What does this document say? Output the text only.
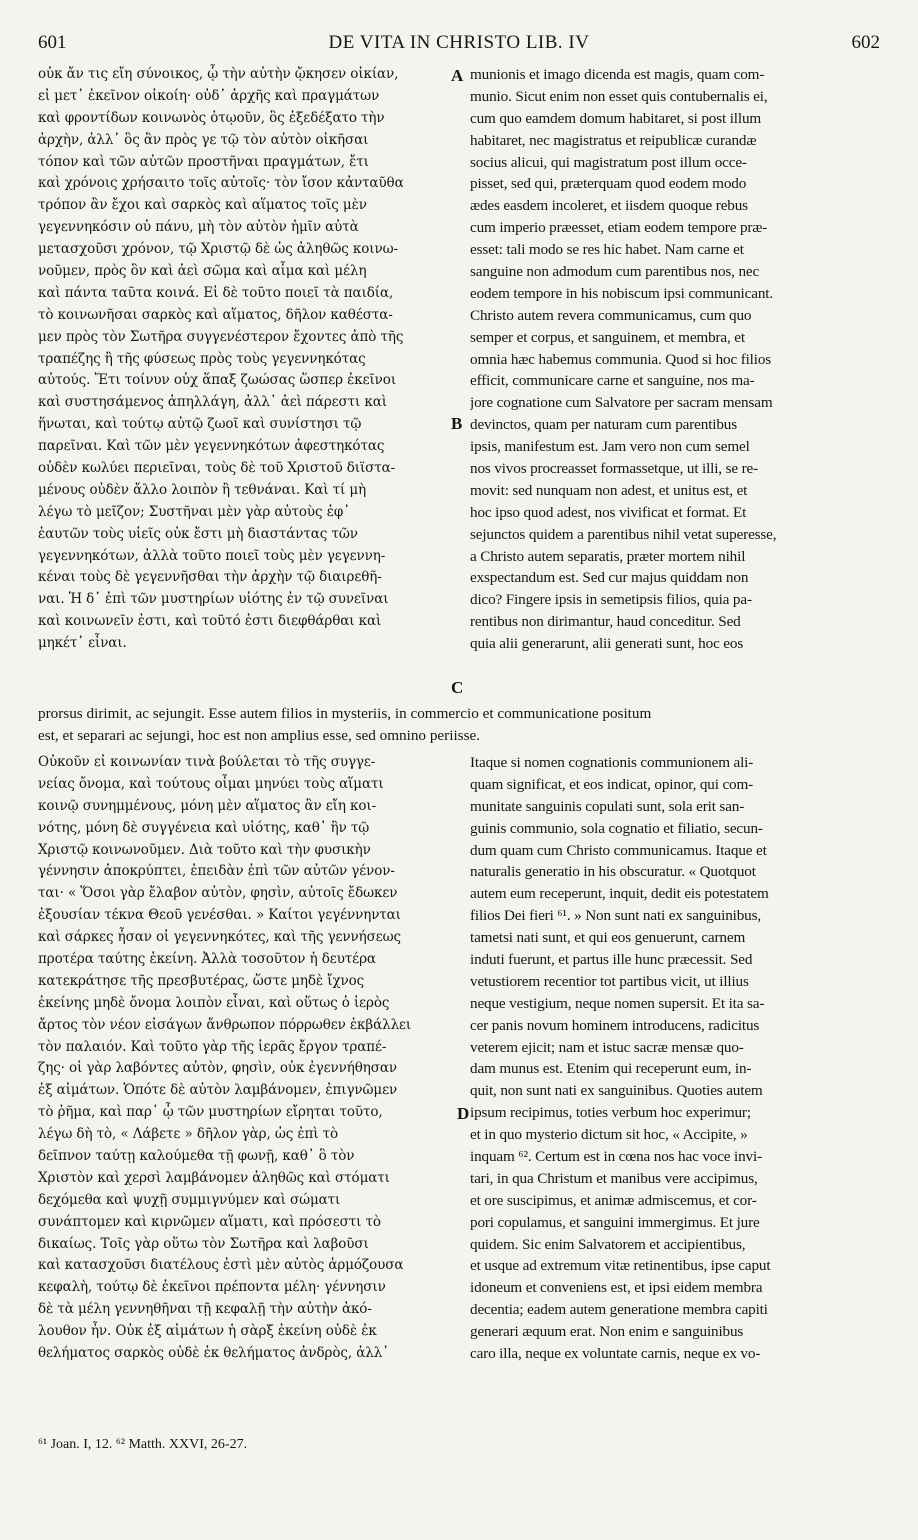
601	DE VITA IN CHRISTO LIB. IV	602
οὐκ ἄν τις εἴη σύνοικος, ᾧ τὴν αὐτὴν ᾤκησεν οἰκίαν,
εἰ μετ᾽ ἐκεῖνον οἰκοίη· οὐδ᾽ ἀρχῆς καὶ πραγμάτων
καὶ φροντίδων κοινωνὸς ὁτῳοῦν, ὃς ἐξεδέξατο τὴν
ἀρχὴν, ἀλλ᾽ ὃς ἂν πρὸς γε τῷ τὸν αὐτὸν οἰκῆσαι
τόπον καὶ τῶν αὐτῶν προστῆναι πραγμάτων, ἔτι
καὶ χρόνοις χρήσαιτο τοῖς αὐτοῖς· τὸν ἴσον κἀνταῦθα
τρόπον ἂν ἔχοι καὶ σαρκὸς καὶ αἵματος τοῖς μὲν
γεγεννηκόσιν οὐ πάνυ, μὴ τὸν αὐτὸν ἡμῖν αὐτὰ
μετασχοῦσι χρόνον, τῷ Χριστῷ δὲ ὡς ἀληθῶς κοινω-
νοῦμεν, πρὸς ὃν καὶ ἀεὶ σῶμα καὶ αἷμα καὶ μέλη
καὶ πάντα ταῦτα κοινά. Εἰ δὲ τοῦτο ποιεῖ τὰ παιδία,
τὸ κοινωνῆσαι σαρκὸς καὶ αἵματος, δῆλον καθέστα-
μεν πρὸς τὸν Σωτῆρα συγγενέστερον ἔχοντες ἀπὸ τῆς
τραπέζης ἢ τῆς φύσεως πρὸς τοὺς γεγεννηκότας
αὐτούς. Ἔτι τοίνυν οὐχ ἅπαξ ζωώσας ὥσπερ ἐκεῖνοι
καὶ συστησάμενος ἀπηλλάγη, ἀλλ᾽ ἀεὶ πάρεστι καὶ
ἥνωται, καὶ τούτῳ αὐτῷ ζωοῖ καὶ συνίστησι τῷ
παρεῖναι. Καὶ τῶν μὲν γεγεννηκότων ἀφεστηκότας
οὐδὲν κωλύει περιεῖναι, τοὺς δὲ τοῦ Χριστοῦ διϊστα-
μένους οὐδὲν ἄλλο λοιπὸν ἢ τεθνάναι. Καὶ τί μὴ
λέγω τὸ μεῖζον; Συστῆναι μὲν γὰρ αὐτοὺς ἐφ᾽
ἑαυτῶν τοὺς υἱεῖς οὐκ ἔστι μὴ διαστάντας τῶν
γεγεννηκότων, ἀλλὰ τοῦτο ποιεῖ τοὺς μὲν γεγεννη-
κέναι τοὺς δὲ γεγεννῆσθαι τὴν ἀρχὴν τῷ διαιρεθῆ-
ναι. Ἡ δ᾽ ἐπὶ τῶν μυστηρίων υἱότης ἐν τῷ συνεῖναι
καὶ κοινωνεῖν ἐστι, καὶ τοῦτό ἐστι διεφθάρθαι καὶ
μηκέτ᾽ εἶναι.
munionis et imago dicenda est magis, quam com-
munio. Sicut enim non esset quis contubernalis ei,
cum quo eamdem domum habitaret, si post illum
habitaret, nec magistratus et reipublicæ curandæ
socius alicui, qui magistratum post illum occe-
pisset, sed qui, præterquam quod eodem modo
ædes easdem incoleret, et iisdem quoque rebus
cum imperio præesset, etiam eodem tempore præ-
esset: tali modo se res hic habet. Nam carne et
sanguine non admodum cum parentibus nos, nec
eodem tempore in his nobiscum ipsi communicant.
Christo autem revera communicamus, cum quo
semper et corpus, et sanguinem, et membra, et
omnia hæc habemus communia. Quod si hoc filios
efficit, communicare carne et sanguine, nos ma-
jore cognatione cum Salvatore per sacram mensam
devinctos, quam per naturam cum parentibus
ipsis, manifestum est. Jam vero non cum semel
nos vivos procreasset formassetque, ut illi, se re-
movit: sed nunquam non adest, et unitus est, et
hoc ipso quod adest, nos vivificat et format. Et
sejunctos quidem a parentibus nihil vetat superesse,
a Christo autem separatis, præter mortem nihil
exspectandum est. Sed cur majus quiddam non
dico? Fingere ipsis in semetipsis filios, quia pa-
rentibus non dirimantur, haud conceditur. Sed
quia alii generarunt, alii generati sunt, hoc eos
A
B
C
D
prorsus dirimit, ac sejungit. Esse autem filios in mysteriis, in commercio et communicatione positum
est, et separari ac sejungi, hoc est non amplius esse, sed omnino periisse.
Οὐκοῦν εἰ κοινωνίαν τινὰ βούλεται τὸ τῆς συγγε-
νείας ὄνομα, καὶ τούτους οἶμαι μηνύει τοὺς αἵματι
κοινῷ συνημμένους, μόνη μὲν αἵματος ἂν εἴη κοι-
νότης, μόνη δὲ συγγένεια καὶ υἱότης, καθ᾽ ἣν τῷ
Χριστῷ κοινωνοῦμεν. Διὰ τοῦτο καὶ τὴν φυσικὴν
γέννησιν ἀποκρύπτει, ἐπειδὰν ἐπὶ τῶν αὐτῶν γένον-
ται· « Ὅσοι γὰρ ἔλαβον αὐτὸν, φησὶν, αὐτοῖς ἔδωκεν
ἐξουσίαν τέκνα Θεοῦ γενέσθαι. » Καίτοι γεγέννηνται
καὶ σάρκες ἦσαν οἱ γεγεννηκότες, καὶ τῆς γεννήσεως
προτέρα ταύτης ἐκείνη. Ἀλλὰ τοσοῦτον ἡ δευτέρα
κατεκράτησε τῆς πρεσβυτέρας, ὥστε μηδὲ ἴχνος
ἐκείνης μηδὲ ὄνομα λοιπὸν εἶναι, καὶ οὕτως ὁ ἱερὸς
ἄρτος τὸν νέον εἰσάγων ἄνθρωπον πόρρωθεν ἐκβάλλει
τὸν παλαιόν. Καὶ τοῦτο γὰρ τῆς ἱερᾶς ἔργον τραπέ-
ζης· οἱ γὰρ λαβόντες αὐτὸν, φησὶν, οὐκ ἐγεννήθησαν
ἐξ αἱμάτων. Ὁπότε δὲ αὐτὸν λαμβάνομεν, ἐπιγνῶμεν
τὸ ῥῆμα, καὶ παρ᾽ ᾧ τῶν μυστηρίων εἴρηται τοῦτο,
λέγω δὴ τὸ, « Λάβετε » δῆλον γὰρ, ὡς ἐπὶ τὸ
δεῖπνον ταύτῃ καλούμεθα τῇ φωνῇ, καθ᾽ ὃ τὸν
Χριστὸν καὶ χερσὶ λαμβάνομεν ἀληθῶς καὶ στόματι
δεχόμεθα καὶ ψυχῇ συμμιγνύμεν καὶ σώματι
συνάπτομεν καὶ κιρνῶμεν αἵματι, καὶ πρόσεστι τὸ
δικαίως. Τοῖς γὰρ οὕτω τὸν Σωτῆρα καὶ λαβοῦσι
καὶ κατασχοῦσι διατέλους ἐστὶ μὲν αὐτὸς ἁρμόζουσα
κεφαλὴ, τούτῳ δὲ ἐκεῖνοι πρέποντα μέλη· γέννησιν
δὲ τὰ μέλη γεννηθῆναι τῇ κεφαλῇ τὴν αὐτὴν ἀκό-
λουθον ἦν. Οὐκ ἐξ αἱμάτων ἡ σὰρξ ἐκείνη οὐδὲ ἐκ
θελήματος σαρκὸς οὐδὲ ἐκ θελήματος ἀνδρὸς, ἀλλ᾽
Itaque si nomen cognationis communionem ali-
quam significat, et eos indicat, opinor, qui com-
munitate sanguinis copulati sunt, sola erit san-
guinis communio, sola cognatio et filiatio, secun-
dum quam cum Christo communicamus. Itaque et
naturalis generatio in his obscuratur. « Quotquot
autem eum receperunt, inquit, dedit eis potestatem
filios Dei fieri ⁶¹. » Non sunt nati ex sanguinibus,
tametsi nati sunt, et qui eos genuerunt, carnem
induti fuerunt, et partus ille hunc præcessit. Sed
vetustiorem recentior tot partibus vicit, ut illius
neque vestigium, neque nomen supersit. Et ita sa-
cer panis novum hominem introducens, radicitus
veterem ejicit; nam et istuc sacræ mensæ quo-
dam munus est. Etenim qui receperunt eum, in-
quit, non sunt nati ex sanguinibus. Quoties autem
ipsum recipimus, toties verbum hoc experimur;
et in quo mysterio dictum sit hoc, « Accipite, »
inquam ⁶². Certum est in cœna nos hac voce invi-
tari, in qua Christum et manibus vere accipimus,
et ore suscipimus, et animæ admiscemus, et cor-
pori copulamus, et sanguini immergimus. Et jure
quidem. Sic enim Salvatorem et accipientibus,
et usque ad extremum vitæ retinentibus, ipse caput
idoneum et conveniens est, et ipsi eidem membra
decentia; eadem autem generatione membra capiti
generari æquum erat. Non enim e sanguinibus
caro illa, neque ex voluntate carnis, neque ex vo-
⁶¹ Joan. I, 12. ⁶² Matth. XXVI, 26-27.
